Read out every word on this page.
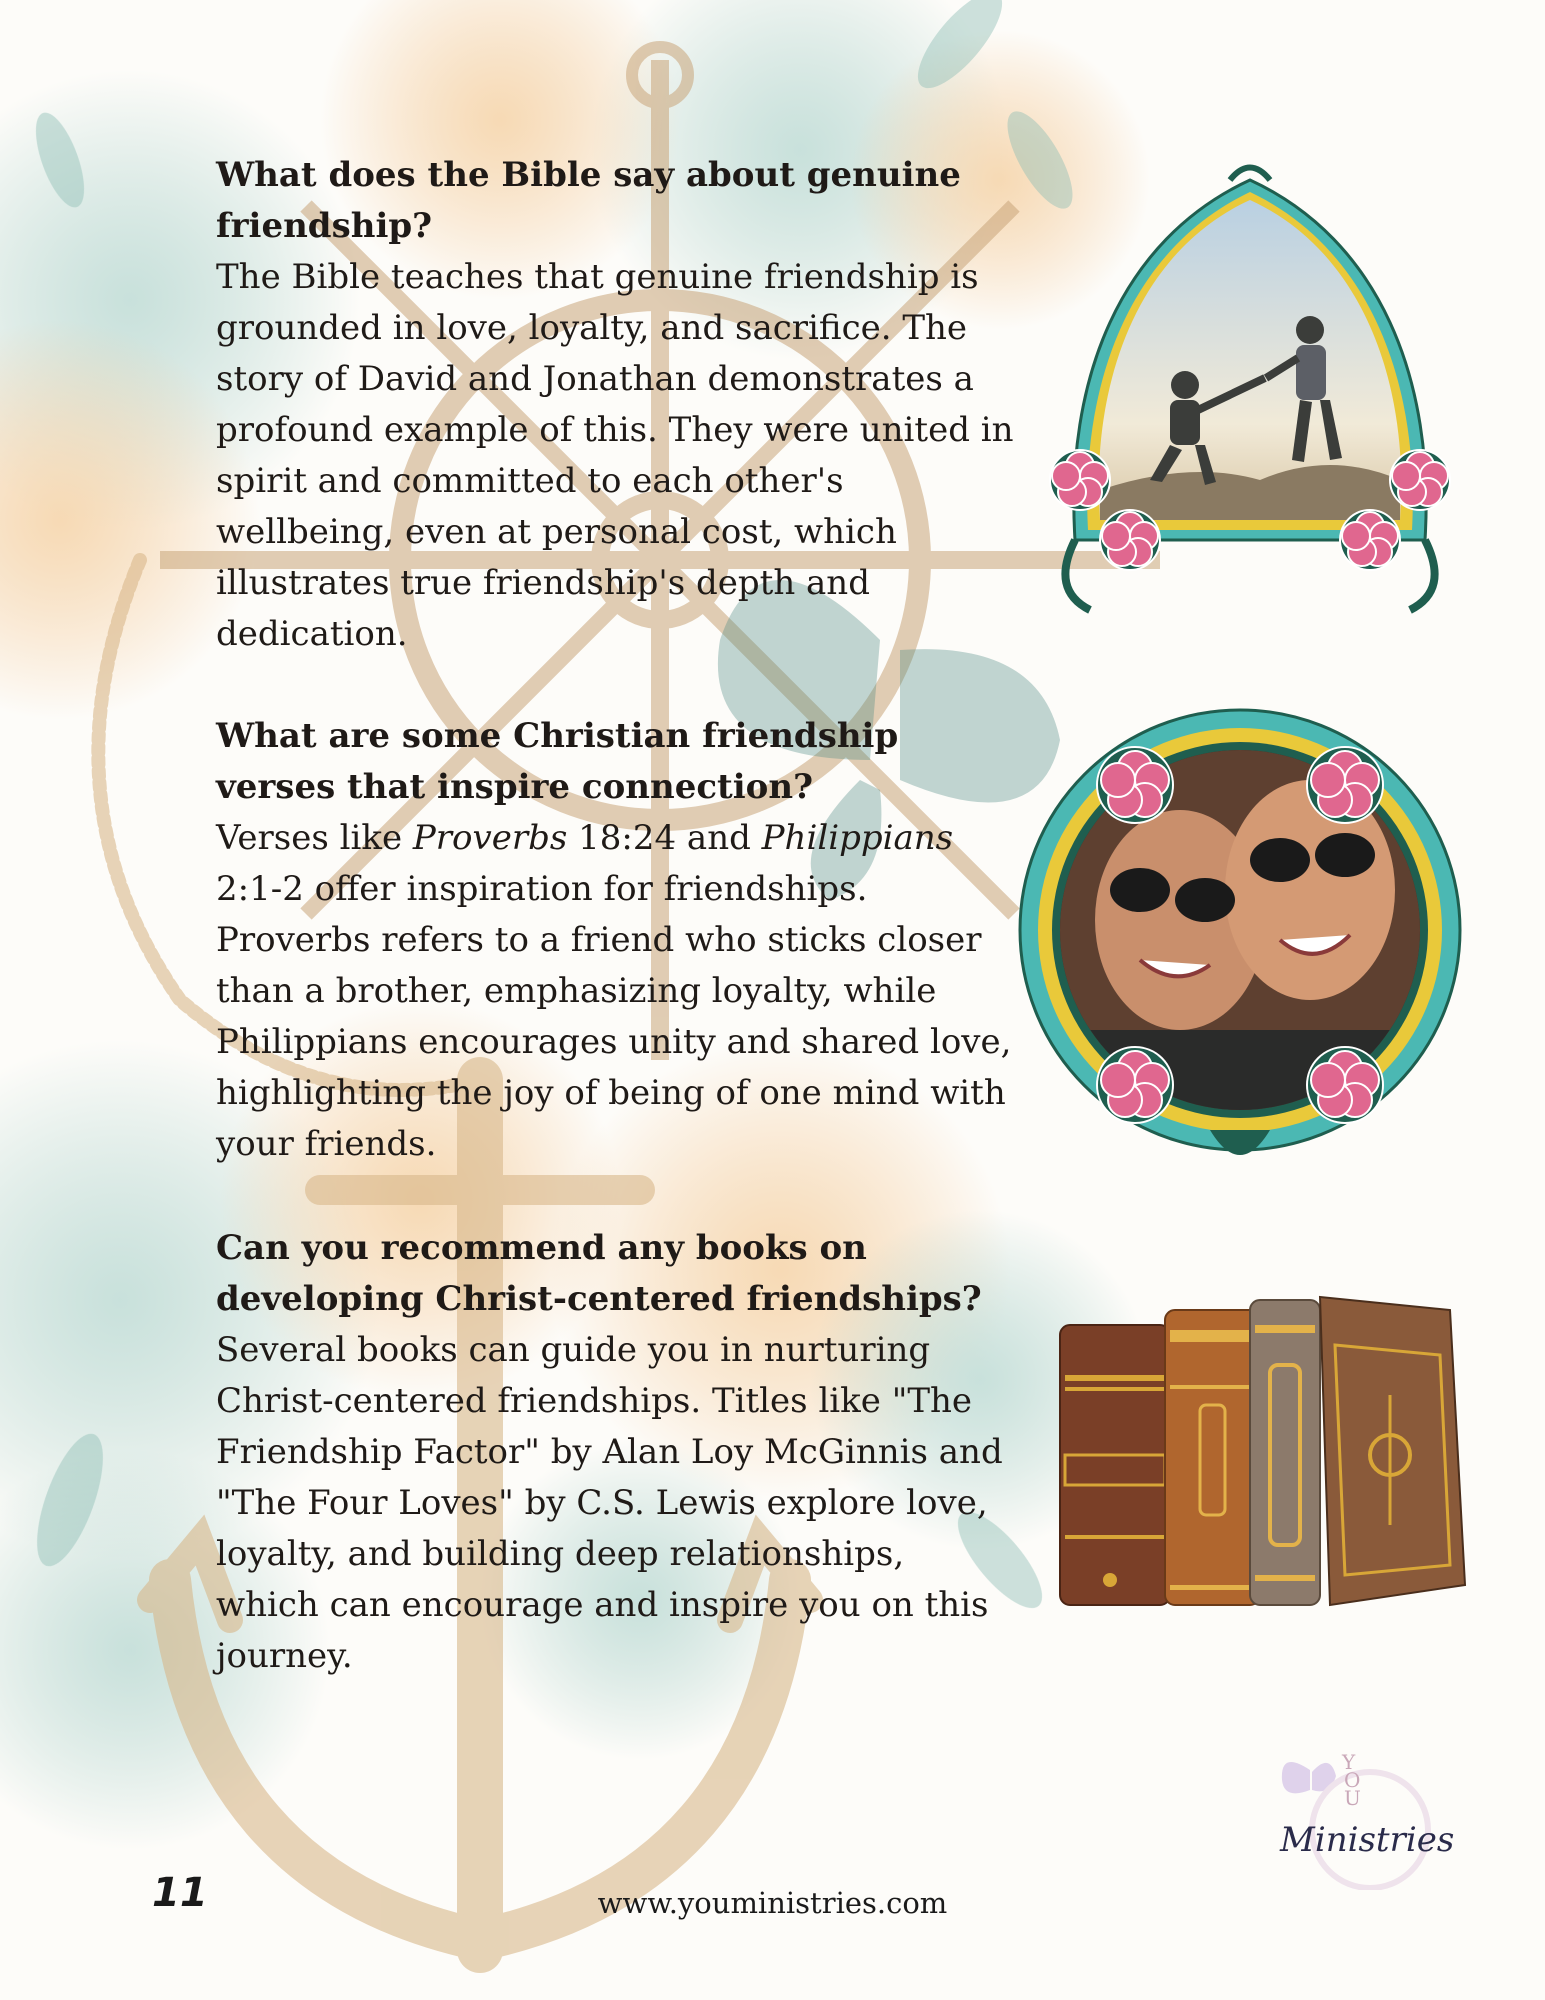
What does the Bible say about genuine friendship?

The Bible teaches that genuine friendship is grounded in love, loyalty, and sacrifice. The story of David and Jonathan demonstrates a profound example of this. They were united in spirit and committed to each other's wellbeing, even at personal cost, which illustrates true friendship's depth and dedication.

What are some Christian friendship verses that inspire connection?

Verses like Proverbs 18:24 and Philippians 2:1-2 offer inspiration for friendships. Proverbs refers to a friend who sticks closer than a brother, emphasizing loyalty, while Philippians encourages unity and shared love, highlighting the joy of being of one mind with your friends.

Can you recommend any books on developing Christ-centered friendships?

Several books can guide you in nurturing Christ-centered friendships. Titles like "The Friendship Factor" by Alan Loy McGinnis and "The Four Loves" by C.S. Lewis explore love, loyalty, and building deep relationships, which can encourage and inspire you on this journey.

Y
O
U
Ministries
11	www.youministries.com
